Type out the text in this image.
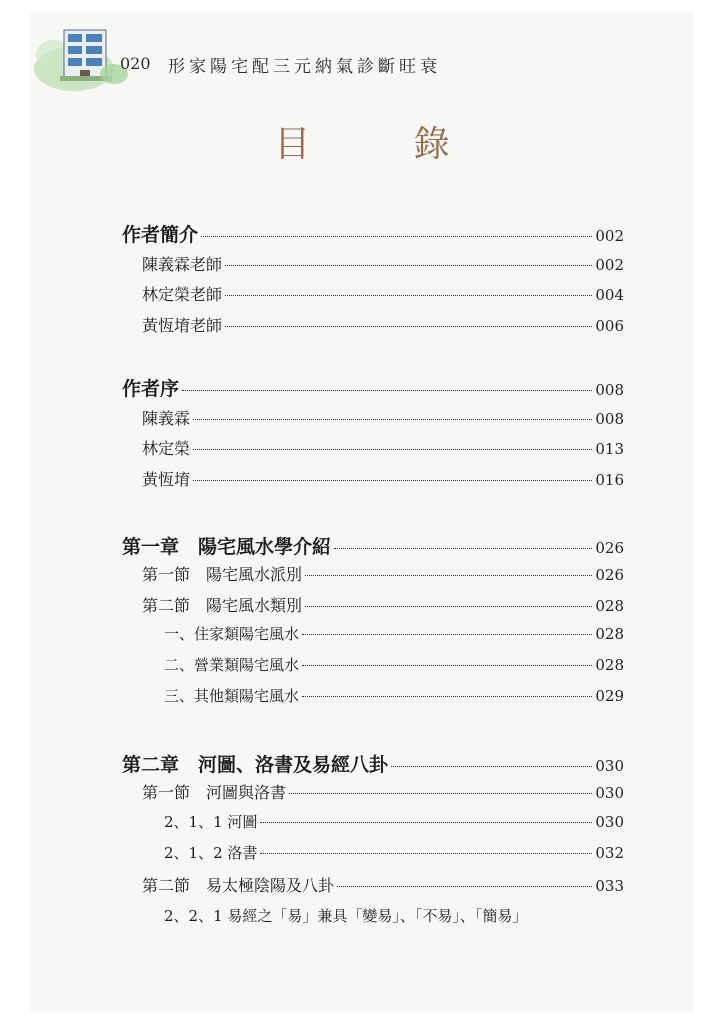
020 形家陽宅配三元納氣診斷旺衰
目 錄
作者簡介	002
陳義霖老師	002
林定榮老師	004
黃恆堉老師	006
作者序	008
陳義霖	008
林定榮	013
黃恆堉	016
第一章　陽宅風水學介紹	026
第一節　陽宅風水派別	026
第二節　陽宅風水類別	028
一、住家類陽宅風水	028
二、營業類陽宅風水	028
三、其他類陽宅風水	029
第二章　河圖、洛書及易經八卦	030
第一節　河圖與洛書	030
2、1、1 河圖	030
2、1、2 洛書	032
第二節　易太極陰陽及八卦	033
2、2、1 易經之「易」兼具「變易」、「不易」、「簡易」
